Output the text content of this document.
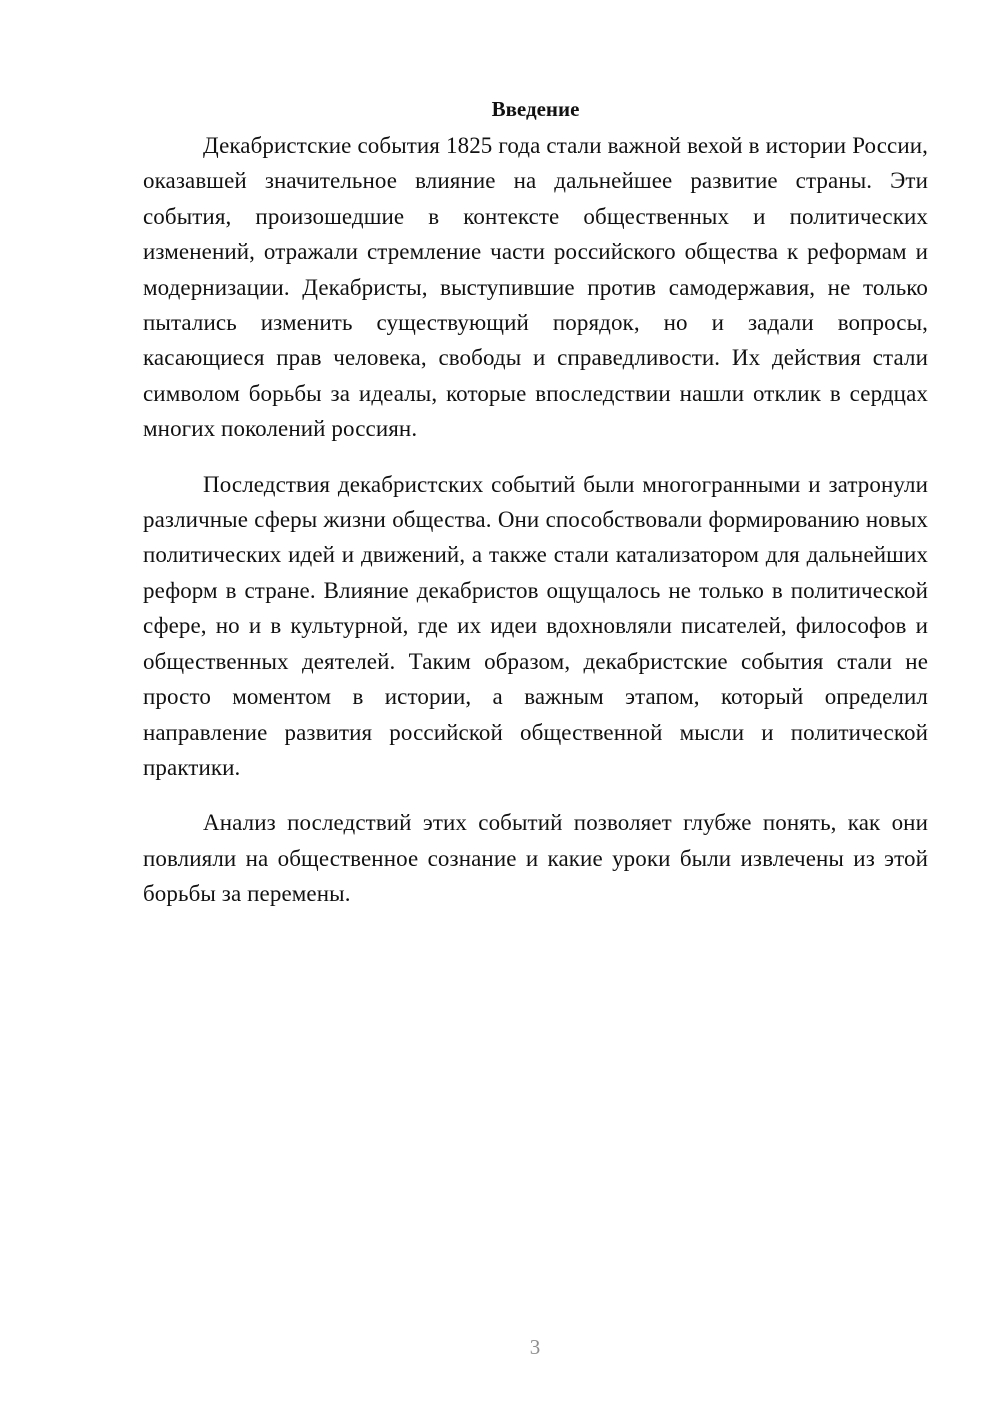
Введение

Декабристские события 1825 года стали важной вехой в истории России, оказавшей значительное влияние на дальнейшее развитие страны. Эти события, произошедшие в контексте общественных и политических изменений, отражали стремление части российского общества к реформам и модернизации. Декабристы, выступившие против самодержавия, не только пытались изменить существующий порядок, но и задали вопросы, касающиеся прав человека, свободы и справедливости. Их действия стали символом борьбы за идеалы, которые впоследствии нашли отклик в сердцах многих поколений россиян.

Последствия декабристских событий были многогранными и затронули различные сферы жизни общества. Они способствовали формированию новых политических идей и движений, а также стали катализатором для дальнейших реформ в стране. Влияние декабристов ощущалось не только в политической сфере, но и в культурной, где их идеи вдохновляли писателей, философов и общественных деятелей. Таким образом, декабристские события стали не просто моментом в истории, а важным этапом, который определил направление развития российской общественной мысли и политической практики.

Анализ последствий этих событий позволяет глубже понять, как они повлияли на общественное сознание и какие уроки были извлечены из этой борьбы за перемены.

3
